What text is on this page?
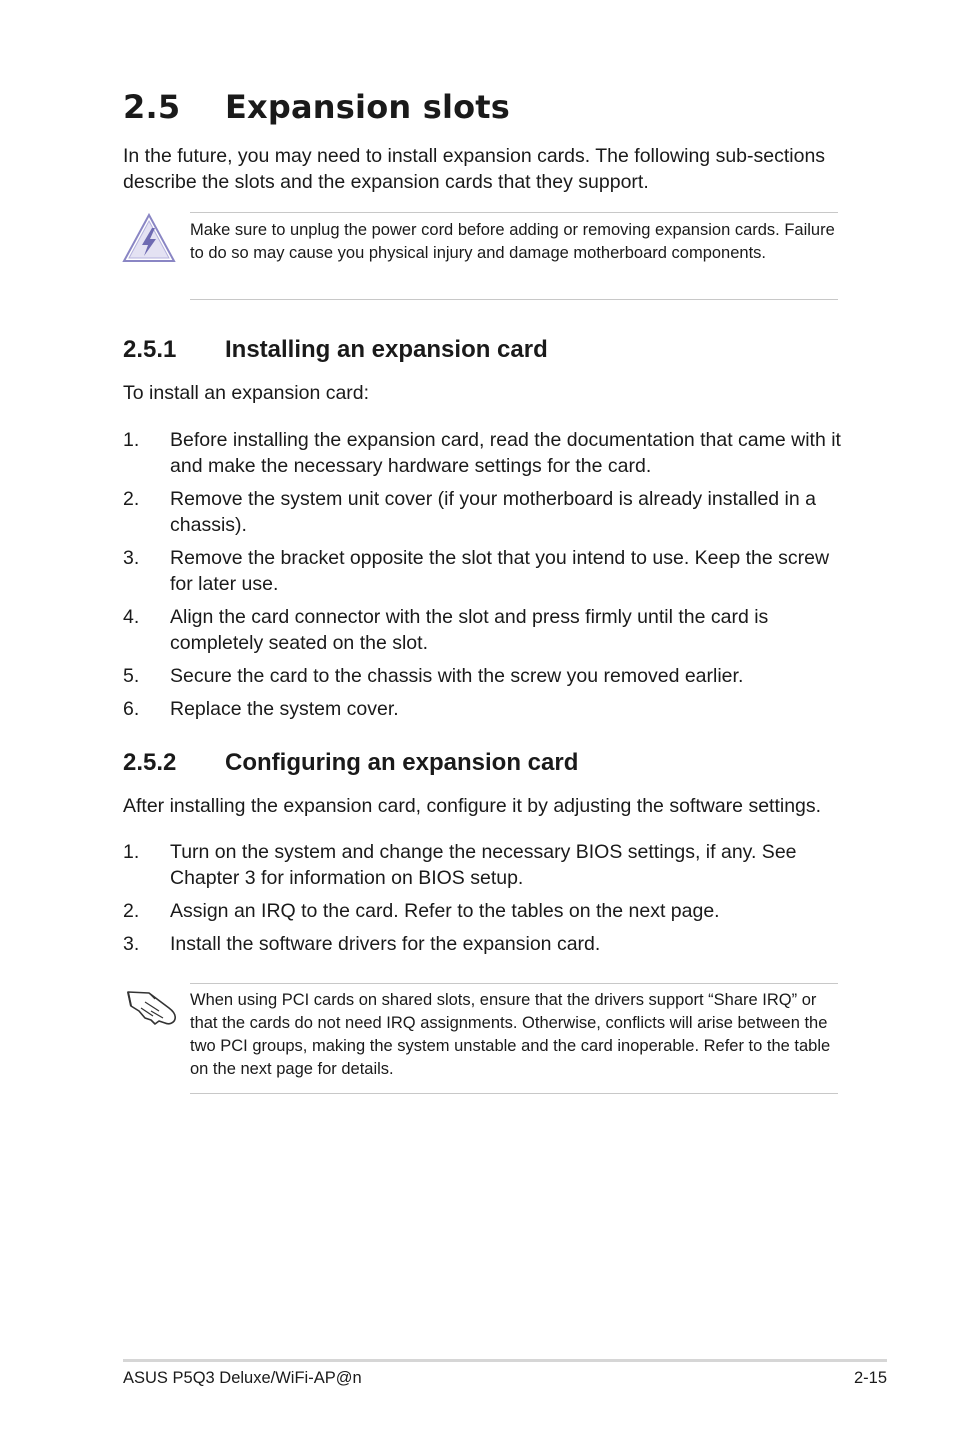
2.5 Expansion slots

In the future, you may need to install expansion cards. The following sub-sections describe the slots and the expansion cards that they support.

Make sure to unplug the power cord before adding or removing expansion cards. Failure to do so may cause you physical injury and damage motherboard components.

2.5.1 Installing an expansion card

To install an expansion card:

1. Before installing the expansion card, read the documentation that came with it and make the necessary hardware settings for the card.
2. Remove the system unit cover (if your motherboard is already installed in a chassis).
3. Remove the bracket opposite the slot that you intend to use. Keep the screw for later use.
4. Align the card connector with the slot and press firmly until the card is completely seated on the slot.
5. Secure the card to the chassis with the screw you removed earlier.
6. Replace the system cover.
2.5.2 Configuring an expansion card

After installing the expansion card, configure it by adjusting the software settings.

1. Turn on the system and change the necessary BIOS settings, if any. See Chapter 3 for information on BIOS setup.
2. Assign an IRQ to the card. Refer to the tables on the next page.
3. Install the software drivers for the expansion card.

When using PCI cards on shared slots, ensure that the drivers support “Share IRQ” or that the cards do not need IRQ assignments. Otherwise, conflicts will arise between the two PCI groups, making the system unstable and the card inoperable. Refer to the table on the next page for details.

ASUS P5Q3 Deluxe/WiFi-AP@n	2-15
